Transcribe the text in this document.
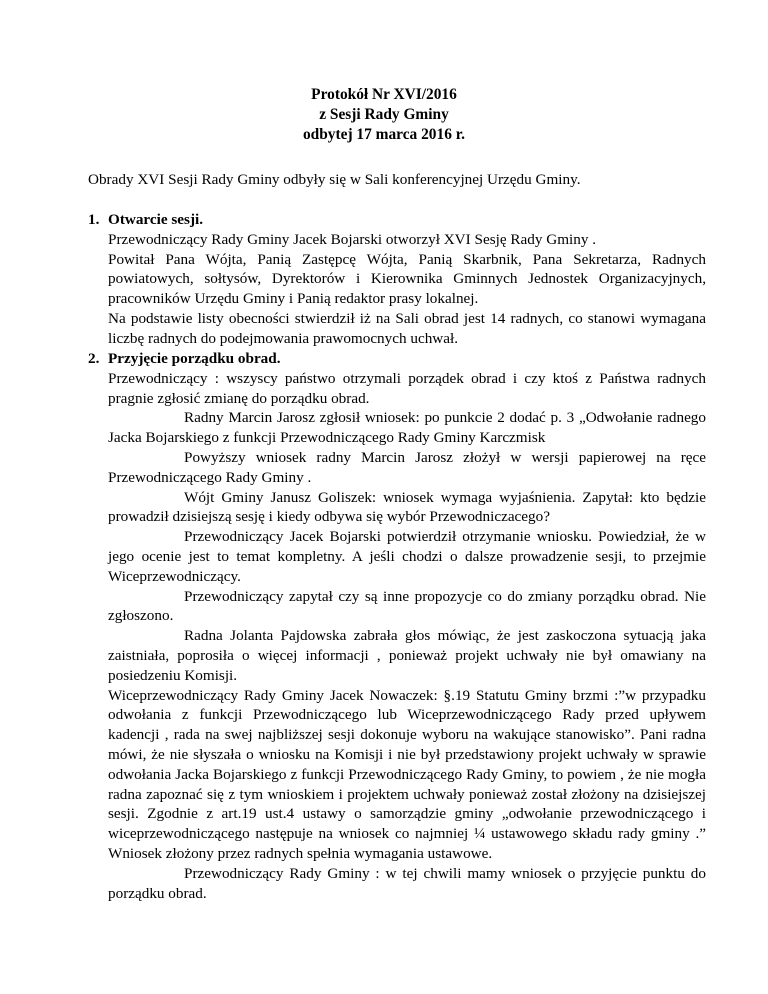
Protokół Nr XVI/2016
z Sesji Rady Gminy
odbytej 17 marca 2016 r.
Obrady XVI Sesji Rady Gminy odbyły się w Sali konferencyjnej Urzędu Gminy.
1. Otwarcie sesji.
Przewodniczący Rady Gminy Jacek Bojarski otworzył XVI Sesję Rady Gminy .
Powitał Pana Wójta, Panią Zastępcę Wójta, Panią Skarbnik, Pana Sekretarza, Radnych powiatowych, sołtysów, Dyrektorów i Kierownika Gminnych Jednostek Organizacyjnych, pracowników Urzędu Gminy i Panią redaktor prasy lokalnej.
Na podstawie listy obecności stwierdził iż na Sali obrad jest 14 radnych, co stanowi wymagana liczbę radnych do podejmowania prawomocnych uchwał.
2. Przyjęcie porządku obrad.
Przewodniczący : wszyscy państwo otrzymali porządek obrad i czy ktoś z Państwa radnych pragnie zgłosić zmianę do porządku obrad.
Radny Marcin Jarosz zgłosił wniosek: po punkcie 2 dodać p. 3 „Odwołanie radnego Jacka Bojarskiego z funkcji Przewodniczącego Rady Gminy Karczmisk
Powyższy wniosek radny Marcin Jarosz złożył w wersji papierowej na ręce Przewodniczącego Rady Gminy .
Wójt Gminy Janusz Goliszek: wniosek wymaga wyjaśnienia. Zapytał: kto będzie prowadził dzisiejszą sesję i kiedy odbywa się wybór Przewodniczacego?
Przewodniczący Jacek Bojarski potwierdził otrzymanie wniosku. Powiedział, że w jego ocenie jest to temat kompletny. A jeśli chodzi o dalsze prowadzenie sesji, to przejmie Wiceprzewodniczący.
Przewodniczący zapytał czy są inne propozycje co do zmiany porządku obrad. Nie zgłoszono.
Radna Jolanta Pajdowska zabrała głos mówiąc, że jest zaskoczona sytuacją jaka zaistniała, poprosiła o więcej informacji , ponieważ projekt uchwały nie był omawiany na posiedzeniu Komisji.
Wiceprzewodniczący Rady Gminy Jacek Nowaczek: §.19 Statutu Gminy brzmi :”w przypadku odwołania z funkcji Przewodniczącego lub Wiceprzewodniczącego Rady przed upływem kadencji , rada na swej najbliższej sesji dokonuje wyboru na wakujące stanowisko”. Pani radna mówi, że nie słyszała o wniosku na Komisji i nie był przedstawiony projekt uchwały w sprawie odwołania Jacka Bojarskiego z funkcji Przewodniczącego Rady Gminy, to powiem , że nie mogła radna zapoznać się z tym wnioskiem i projektem uchwały ponieważ został złożony na dzisiejszej sesji. Zgodnie z art.19 ust.4 ustawy o samorządzie gminy „odwołanie przewodniczącego i wiceprzewodniczącego następuje na wniosek co najmniej ¼ ustawowego składu rady gminy .” Wniosek złożony przez radnych spełnia wymagania ustawowe.
Przewodniczący Rady Gminy : w tej chwili mamy wniosek o przyjęcie punktu do porządku obrad.
